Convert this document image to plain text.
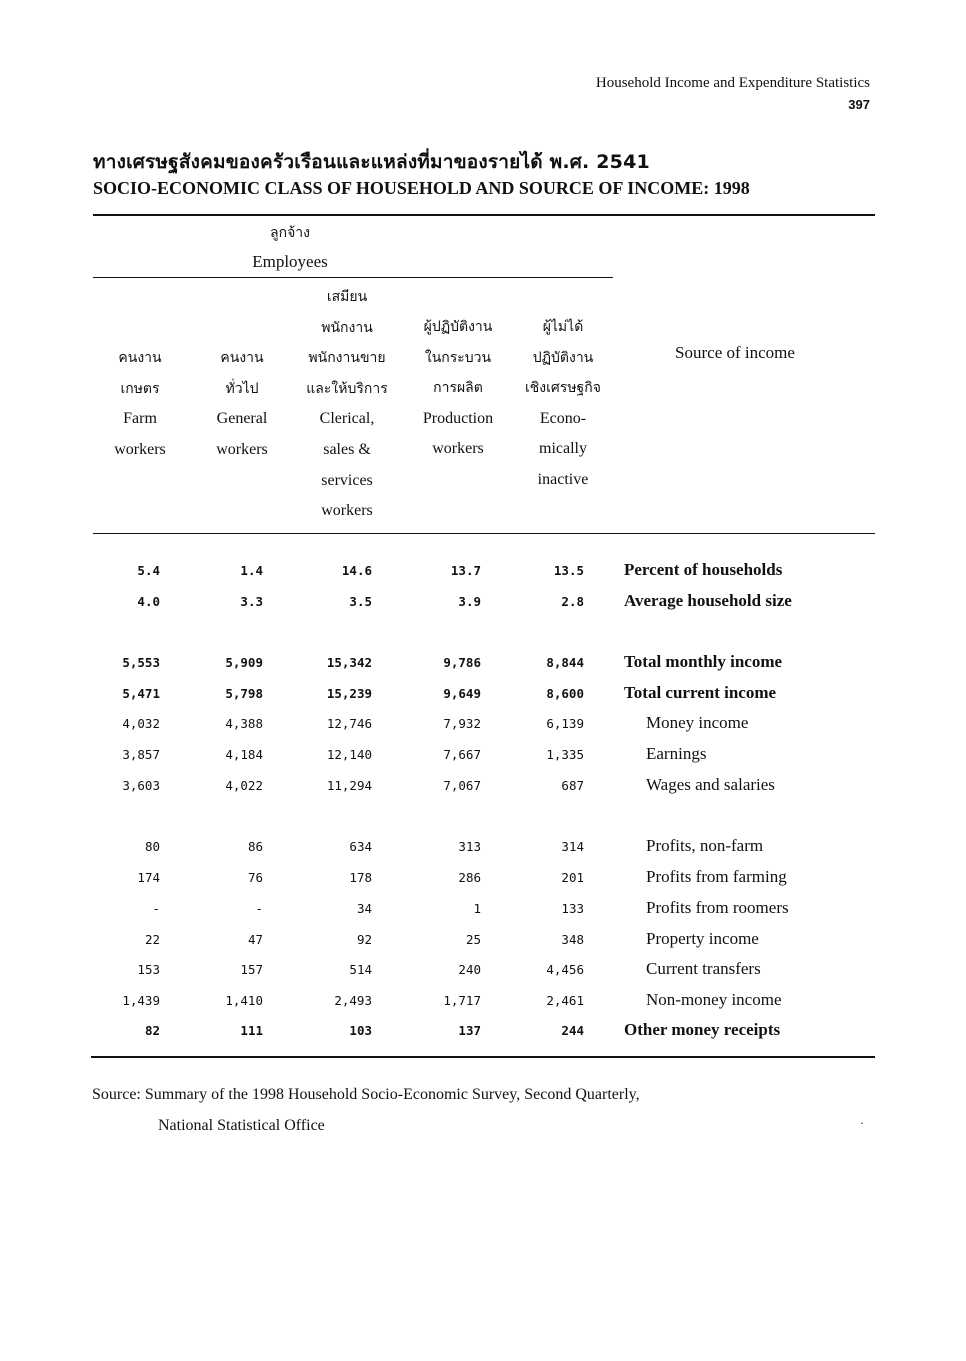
Household Income and Expenditure Statistics
397
ทางเศรษฐสังคมของครัวเรือนและแหล่งที่มาของรายได้ พ.ศ. 2541
SOCIO-ECONOMIC CLASS OF HOUSEHOLD AND SOURCE OF INCOME: 1998
ลูกจ้าง
Employees
คนงาน
เกษตร
Farm
workers
คนงาน
ทั่วไป
General
workers
เสมียน
พนักงาน
พนักงานขาย
และให้บริการ
Clerical,
sales &
services
workers
ผู้ปฏิบัติงาน
ในกระบวน
การผลิต
Production
workers
ผู้ไม่ได้
ปฏิบัติงาน
เชิงเศรษฐกิจ
Econo-
mically
inactive
Source of income
5.4	1.4	14.6	13.7	13.5 Percent of households
4.0	3.3	3.5	3.9	2.8 Average household size
5,553	5,909	15,342	9,786	8,844 Total monthly income
5,471	5,798	15,239	9,649	8,600 Total current income
4,032	4,388	12,746	7,932	6,139	Money income
3,857	4,184	12,140	7,667	1,335	Earnings
3,603	4,022	11,294	7,067	687	Wages and salaries
80	86	634	313	314	Profits, non-farm
174	76	178	286	201	Profits from farming
-	-	34	1	133	Profits from roomers
22	47	92	25	348	Property income
153	157	514	240	4,456	Current transfers
1,439	1,410	2,493	1,717	2,461	Non-money income
82	111	103	137	244 Other money receipts
Source: Summary of the 1998 Household Socio-Economic Survey, Second Quarterly,
National Statistical Office	·
